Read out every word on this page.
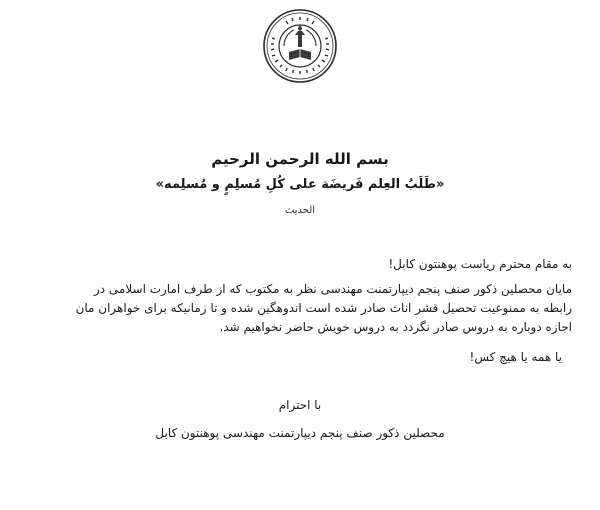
بسم الله الرحمن الرحیم
«طَلَبُ العِلم فَریضَة علی کُلِ مُسلِمٍ و مُسلِمه»
الحدیث
به مقام محترم ریاست پوهنتون کابل!
مایان محصلین ذکور صنف پنجم دیپارتمنت مهندسی نظر به مکتوب که از طرف امارت اسلامی در
رابطه به ممنوعیت تحصیل قشر اناث صادر شده است اندوهگین شده و تا زمانیکه برای خواهران مان
اجازه دوباره به دروس صادر نگردد به دروس خویش حاضر نخواهیم شد.
یا همه یا هیچ کس!
با احترام
محصلین ذکور صنف پنجم دیپارتمنت مهندسی پوهنتون کابل
